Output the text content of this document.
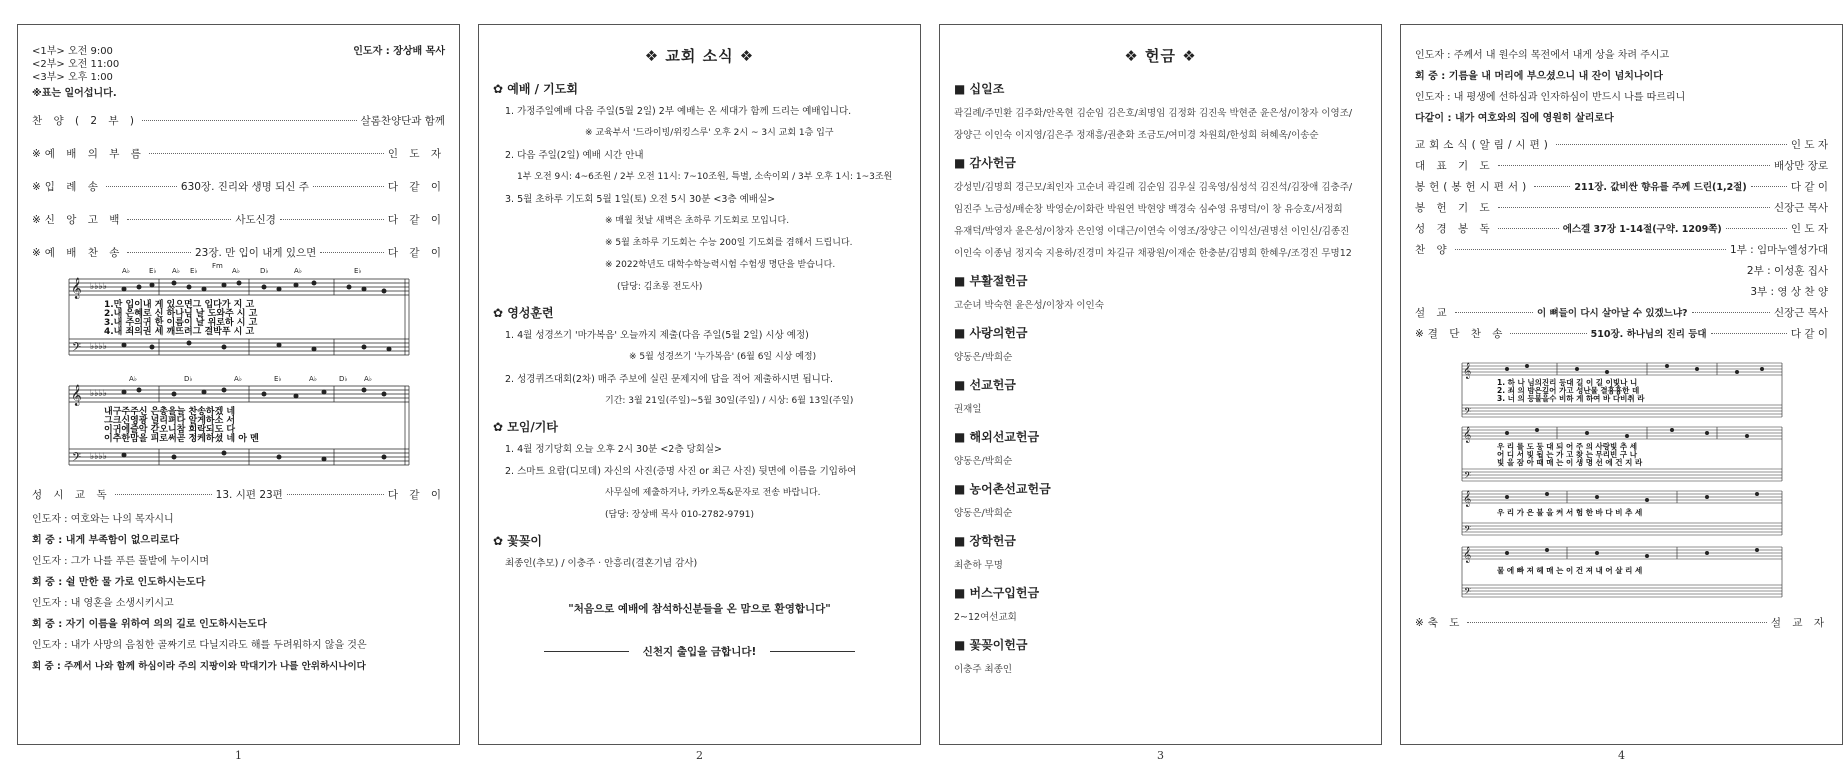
<1부> 오전 9:00
<2부> 오전 11:00
<3부> 오후 1:00
인도자 : 장상배 목사
※표는 일어섭니다.
찬 양 ( 2 부 )	살롬찬양단과 함께
※예 배 의 부 름	인 도 자
※입 례 송	630장. 진리와 생명 되신 주	다 같 이
※신 앙 고 백	사도신경	다 같 이
※예 배 찬 송	23장. 만 입이 내게 있으면	다 같 이
𝄞
𝄞
𝄢
𝄢
♭♭♭♭
♭♭♭♭
♭♭♭♭
♭♭♭♭
A♭	E♭ A♭ E♭
Fm
A♭	D♭	A♭	E♭
A♭	D♭	A♭	E♭	A♭	D♭ A♭
1.만 입이내 게 있으면그 입다가 지 고
2.내 은혜로 신 하나님 날 도와주 시 고
3.내 주의귀 한 이름이 날 위로하 시 고
4.내 죄의권 세 깨뜨려그 결박푸 시 고
내구주주신 은총을늘 찬송하겠 네
그크신영광 널리펴다 알게하소 서
이귀에즐악 갇오니참 희락되도 다
이추한맘을 피로써곧 정케하셨 네 아 멘
성 시 교 독	13. 시편 23편	다 같 이
인도자 : 여호와는 나의 목자시니
회 중 : 내게 부족함이 없으리로다
인도자 : 그가 나를 푸른 풀밭에 누이시며
회 중 : 쉴 만한 물 가로 인도하시는도다
인도자 : 내 영혼을 소생시키시고
회 중 : 자기 이름을 위하여 의의 길로 인도하시는도다
인도자 : 내가 사망의 음침한 골짜기로 다닐지라도 해를 두려워하지 않을 것은
회 중 : 주께서 나와 함께 하심이라 주의 지팡이와 막대기가 나를 안위하시나이다
1
❖ 교회 소식 ❖
✿ 예배 / 기도회
1. 가정주일예배 다음 주일(5월 2일) 2부 예배는 온 세대가 함께 드리는 예배입니다.
※ 교육부서 '드라이빙/위킹스루' 오후 2시 ~ 3시 교회 1층 입구
2. 다음 주일(2일) 예배 시간 안내
1부 오전 9시: 4~6조원 / 2부 오전 11시: 7~10조원, 특별, 소속이외 / 3부 오후 1시: 1~3조원
3. 5월 초하루 기도회 5월 1일(토) 오전 5시 30분 <3층 예배실>
※ 매월 첫날 새벽은 초하루 기도회로 모입니다.
※ 5월 초하루 기도회는 수능 200일 기도회를 겸해서 드립니다.
※ 2022학년도 대학수학능력시험 수험생 명단을 받습니다.
(담당: 김초롱 전도사)
✿ 영성훈련
1. 4월 성경쓰기 '마가복음' 오늘까지 제출(다음 주일(5월 2일) 시상 예정)
※ 5월 성경쓰기 '누가복음' (6월 6일 시상 예정)
2. 성경퀴즈대회(2차) 매주 주보에 실린 문제지에 답을 적어 제출하시면 됩니다.
기간: 3월 21일(주일)~5월 30일(주일) / 시상: 6월 13일(주일)
✿ 모임/기타
1. 4월 정기당회 오늘 오후 2시 30분 <2층 당회실>
2. 스마트 요람(디모데) 자신의 사진(증명 사진 or 최근 사진) 뒷면에 이름을 기입하여
사무실에 제출하거나, 카카오톡&문자로 전송 바랍니다.
(담당: 장상배 목사 010-2782-9791)
✿ 꽃꽂이
최종인(추모) / 이충주 · 안흥리(결혼기념 감사)
"처음으로 예배에 참석하신분들을 온 맘으로 환영합니다"
신천지 출입을 금합니다!
2
❖ 헌금 ❖
■ 십일조
곽길례/주민환 김주화/안옥현 김순임 김은호/최명임 김정화 김진욱 박현준 윤은성/이창자 이영조/장양근 이인숙 이지영/김은주 정재흥/권춘화 조금도/여미경 차원희/한성희 허혜옥/이송순
■ 감사헌금
강성민/김명희 경근모/최인자 고순녀 곽길례 김순임 김우실 김욱영/심성석 김진석/김장애 김충주/임진주 노금성/배순창 박영순/이화란 박원연 박현양 백경숙 심수영 유명덕/이 창 유승호/서정희 유재덕/박영자 윤은성/이창자 은인영 이대근/이연숙 이영조/장양근 이익선/권명선 이인신/김종진 이인숙 이종님 정지숙 지용하/진경미 차길규 채광원/이재순 한충분/김명희 한혜우/조경진 무명12
■ 부활절헌금
고순녀 박숙현 윤은성/이창자 이인숙
■ 사랑의헌금
양동은/박희순
■ 선교헌금
권재일
■ 해외선교헌금
양동은/박희순
■ 농어촌선교헌금
양동은/박희순
■ 장학헌금
최춘하 무명
■ 버스구입헌금
2~12여선교회
■ 꽃꽂이헌금
이충주 최종인
3
인도자 : 주께서 내 원수의 목전에서 내게 상을 차려 주시고
회 중 : 기름을 내 머리에 부으셨으니 내 잔이 넘치나이다
인도자 : 내 평생에 선하심과 인자하심이 반드시 나를 따르리니
다같이 : 내가 여호와의 집에 영원히 살리로다
교회소식(알림/시편)	인 도 자
대 표 기 도	배상만 장로
봉헌(봉헌시편서)	211장. 값비싼 향유를 주께 드린(1,2절)	다 같 이
봉 헌 기 도	신장근 목사
성 경 봉 독	에스겔 37장 1-14절(구약. 1209쪽)	인 도 자
찬 양	1부 : 임마누엘성가대
2부 : 이성훈 집사
3부 : 영 상 찬 양
설 교	이 뼈들이 다시 살아날 수 있겠느냐?	신장근 목사
※결 단 찬 송	510장. 하나님의 진리 등대	다 같 이
𝄞
𝄞
𝄞
𝄞
𝄢
𝄢
𝄢
𝄢
1. 하 나 님의진리 등대 길 이 길 이빛나 니
2. 죄 의 밤은깊어 가고 성난물 결흉흉한 데
3. 너 의 등불을수 비하 게 하여 바 다비취 라
우 리 를 도 둥 대 되 어 주 의 사랑빛 추 세
어 디 서 빛 됩 는 가 고 찾 는 무리빈 구 나
빛 을 잠 아 때 매 는 이 생 명 선 에 건 지 라
우 리 가 은 불 을 켜 서 험 한 바 다 비 추 세
물 에 빠 져 헤 매 는 이 건 져 내 어 살 리 세
※축 도	설 교 자
4
